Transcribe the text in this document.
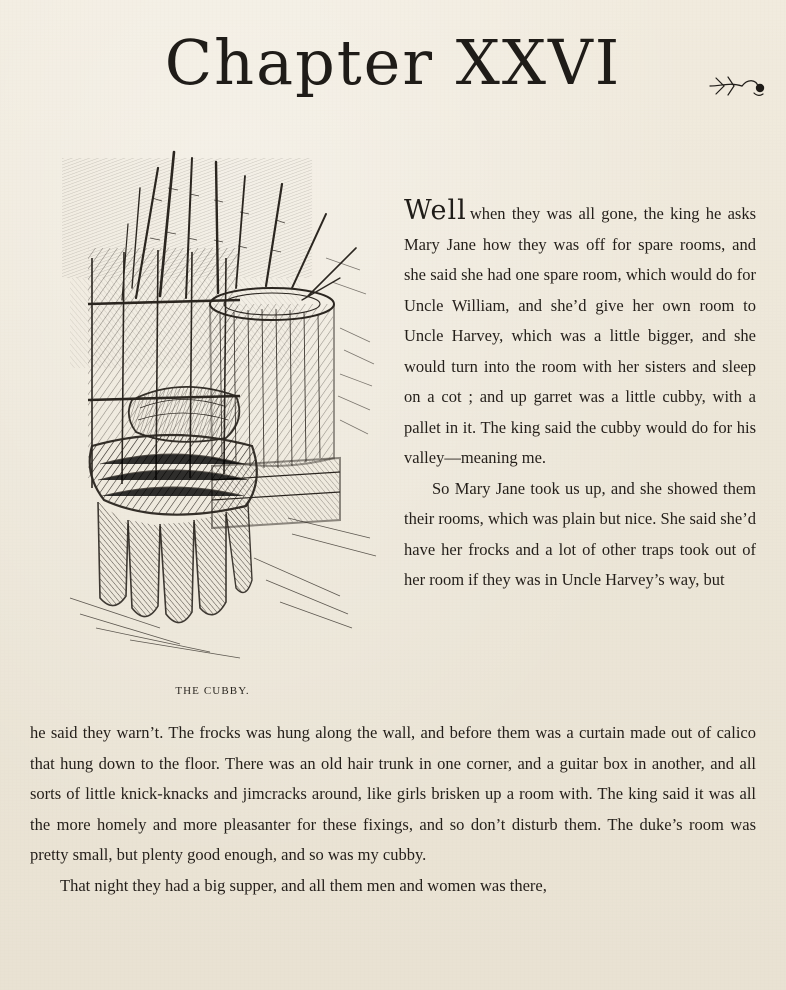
Chapter XXVI
THE CUBBY.

Well when they was all gone, the king he asks Mary Jane how they was off for spare rooms, and she said she had one spare room, which would do for Uncle William, and she’d give her own room to Uncle Harvey, which was a little bigger, and she would turn into the room with her sisters and sleep on a cot ; and up garret was a little cubby, with a pallet in it. The king said the cubby would do for his valley—meaning me.

So Mary Jane took us up, and she showed them their rooms, which was plain but nice. She said she’d have her frocks and a lot of other traps took out of her room if they was in Uncle Harvey’s way, but

he said they warn’t. The frocks was hung along the wall, and before them was a curtain made out of calico that hung down to the floor. There was an old hair trunk in one corner, and a guitar box in another, and all sorts of little knick-knacks and jimcracks around, like girls brisken up a room with. The king said it was all the more homely and more pleasanter for these fixings, and so don’t disturb them. The duke’s room was pretty small, but plenty good enough, and so was my cubby.

That night they had a big supper, and all them men and women was there,
